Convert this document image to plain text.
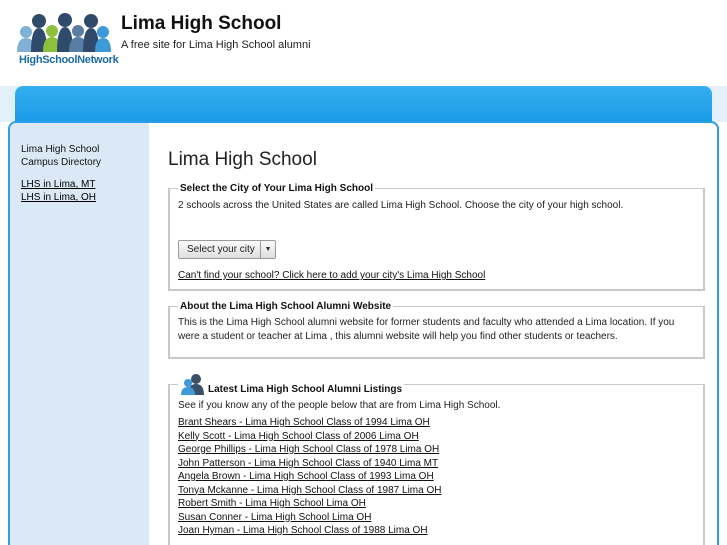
HighSchoolNetwork
Lima High School
A free site for Lima High School alumni
Lima High School
Campus Directory
LHS in Lima, MT
LHS in Lima, OH
Lima High School
Select the City of Your Lima High School
2 schools across the United States are called Lima High School. Choose the city of your high school.
Select your city	▼
Can't find your school? Click here to add your city's Lima High School
About the Lima High School Alumni Website
This is the Lima High School alumni website for former students and faculty who attended a Lima location. If you were a student or teacher at Lima , this alumni website will help you find other students or teachers.
Latest Lima High School Alumni Listings
See if you know any of the people below that are from Lima High School.
Brant Shears - Lima High School Class of 1994 Lima OH
Kelly Scott - Lima High School Class of 2006 Lima OH
George Phillips - Lima High School Class of 1978 Lima OH
John Patterson - Lima High School Class of 1940 Lima MT
Angela Brown - Lima High School Class of 1993 Lima OH
Tonya Mckanne - Lima High School Class of 1987 Lima OH
Robert Smith - Lima High School Lima OH
Susan Conner - Lima High School Lima OH
Joan Hyman - Lima High School Class of 1988 Lima OH
